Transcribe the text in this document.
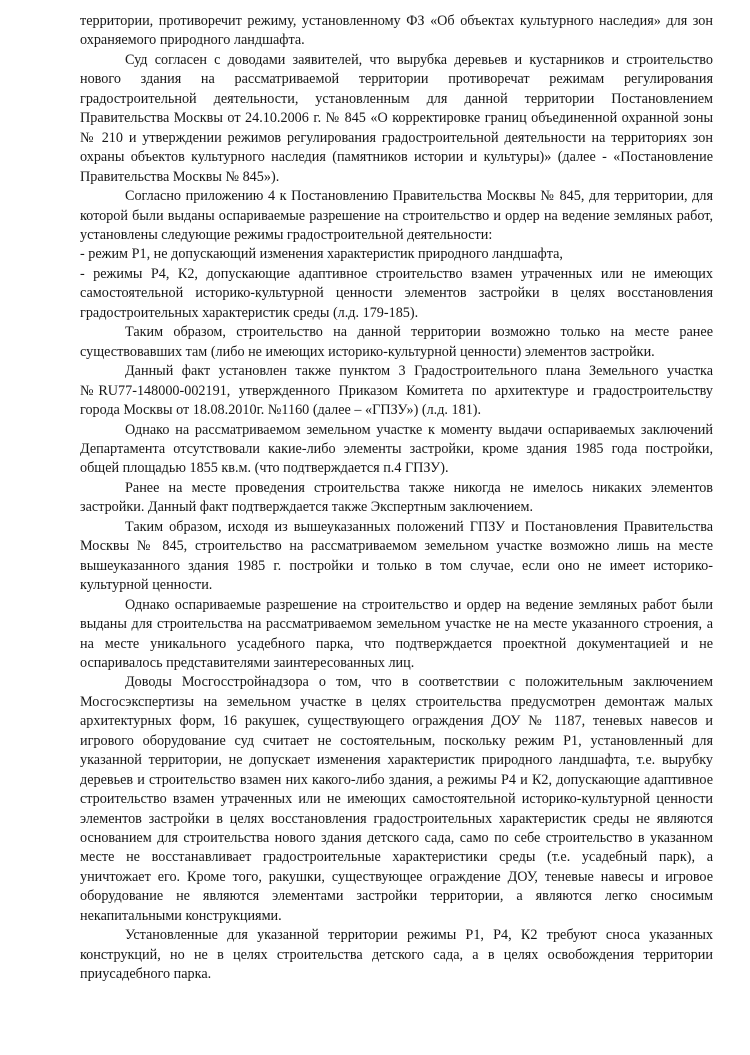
территории, противоречит режиму, установленному ФЗ «Об объектах культурного наследия» для зон охраняемого природного ландшафта.

Суд согласен с доводами заявителей, что вырубка деревьев и кустарников и строительство нового здания на рассматриваемой территории противоречат режимам регулирования градостроительной деятельности, установленным для данной территории Постановлением Правительства Москвы от 24.10.2006 г. № 845 «О корректировке границ объединенной охранной зоны № 210 и утверждении режимов регулирования градостроительной деятельности на территориях зон охраны объектов культурного наследия (памятников истории и культуры)» (далее - «Постановление Правительства Москвы № 845»).

Согласно приложению 4 к Постановлению Правительства Москвы № 845, для территории, для которой были выданы оспариваемые разрешение на строительство и ордер на ведение земляных работ, установлены следующие режимы градостроительной деятельности:

- режим Р1, не допускающий изменения характеристик природного ландшафта,

- режимы Р4, К2, допускающие адаптивное строительство взамен утраченных или не имеющих самостоятельной историко-культурной ценности элементов застройки в целях восстановления градостроительных характеристик среды (л.д. 179-185).

Таким образом, строительство на данной территории возможно только на месте ранее существовавших там (либо не имеющих историко-культурной ценности) элементов застройки.

Данный факт установлен также пунктом 3 Градостроительного плана Земельного участка №RU77-148000-002191, утвержденного Приказом Комитета по архитектуре и градостроительству города Москвы от 18.08.2010г. №1160 (далее – «ГПЗУ») (л.д. 181).

Однако на рассматриваемом земельном участке к моменту выдачи оспариваемых заключений Департамента отсутствовали какие-либо элементы застройки, кроме здания 1985 года постройки, общей площадью 1855 кв.м. (что подтверждается п.4 ГПЗУ).

Ранее на месте проведения строительства также никогда не имелось никаких элементов застройки. Данный факт подтверждается также Экспертным заключением.

Таким образом, исходя из вышеуказанных положений ГПЗУ и Постановления Правительства Москвы № 845, строительство на рассматриваемом земельном участке возможно лишь на месте вышеуказанного здания 1985 г. постройки и только в том случае, если оно не имеет историко-культурной ценности.

Однако оспариваемые разрешение на строительство и ордер на ведение земляных работ были выданы для строительства на рассматриваемом земельном участке не на месте указанного строения, а на месте уникального усадебного парка, что подтверждается проектной документацией и не оспаривалось представителями заинтересованных лиц.

Доводы Мосгосстройнадзора о том, что в соответствии с положительным заключением Мосгосэкспертизы на земельном участке в целях строительства предусмотрен демонтаж малых архитектурных форм, 16 ракушек, существующего ограждения ДОУ № 1187, теневых навесов и игрового оборудование суд считает не состоятельным, поскольку режим Р1, установленный для указанной территории, не допускает изменения характеристик природного ландшафта, т.е. вырубку деревьев и строительство взамен них какого-либо здания, а режимы Р4 и К2, допускающие адаптивное строительство взамен утраченных или не имеющих самостоятельной историко-культурной ценности элементов застройки в целях восстановления градостроительных характеристик среды не являются основанием для строительства нового здания детского сада, само по себе строительство в указанном месте не восстанавливает градостроительные характеристики среды (т.е. усадебный парк), а уничтожает его. Кроме того, ракушки, существующее ограждение ДОУ, теневые навесы и игровое оборудование не являются элементами застройки территории, а являются легко сносимым некапитальными конструкциями.

Установленные для указанной территории режимы Р1, Р4, К2 требуют сноса указанных конструкций, но не в целях строительства детского сада, а в целях освобождения территории приусадебного парка.
